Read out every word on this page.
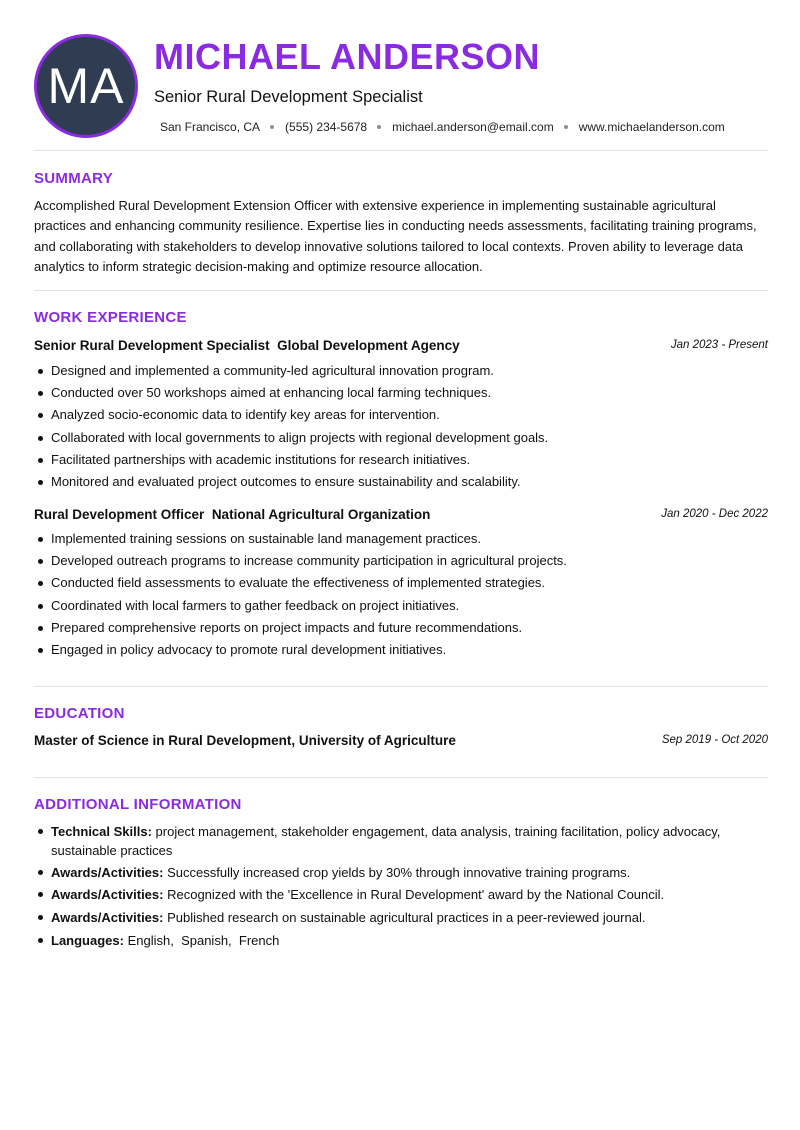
MA
MICHAEL ANDERSON
Senior Rural Development Specialist
San Francisco, CA (555) 234-5678 michael.anderson@email.com www.michaelanderson.com
SUMMARY
Accomplished Rural Development Extension Officer with extensive experience in implementing sustainable agricultural practices and enhancing community resilience. Expertise lies in conducting needs assessments, facilitating training programs, and collaborating with stakeholders to develop innovative solutions tailored to local contexts. Proven ability to leverage data analytics to inform strategic decision-making and optimize resource allocation.
WORK EXPERIENCE
Senior Rural Development Specialist Global Development Agency	Jan 2023 - Present
Designed and implemented a community-led agricultural innovation program.
Conducted over 50 workshops aimed at enhancing local farming techniques.
Analyzed socio-economic data to identify key areas for intervention.
Collaborated with local governments to align projects with regional development goals.
Facilitated partnerships with academic institutions for research initiatives.
Monitored and evaluated project outcomes to ensure sustainability and scalability.
Rural Development Officer National Agricultural Organization	Jan 2020 - Dec 2022
Implemented training sessions on sustainable land management practices.
Developed outreach programs to increase community participation in agricultural projects.
Conducted field assessments to evaluate the effectiveness of implemented strategies.
Coordinated with local farmers to gather feedback on project initiatives.
Prepared comprehensive reports on project impacts and future recommendations.
Engaged in policy advocacy to promote rural development initiatives.
EDUCATION
Master of Science in Rural Development, University of Agriculture	Sep 2019 - Oct 2020
ADDITIONAL INFORMATION
Technical Skills: project management, stakeholder engagement, data analysis, training facilitation, policy advocacy, sustainable practices
Awards/Activities: Successfully increased crop yields by 30% through innovative training programs.
Awards/Activities: Recognized with the 'Excellence in Rural Development' award by the National Council.
Awards/Activities: Published research on sustainable agricultural practices in a peer-reviewed journal.
Languages: English,  Spanish,  French
